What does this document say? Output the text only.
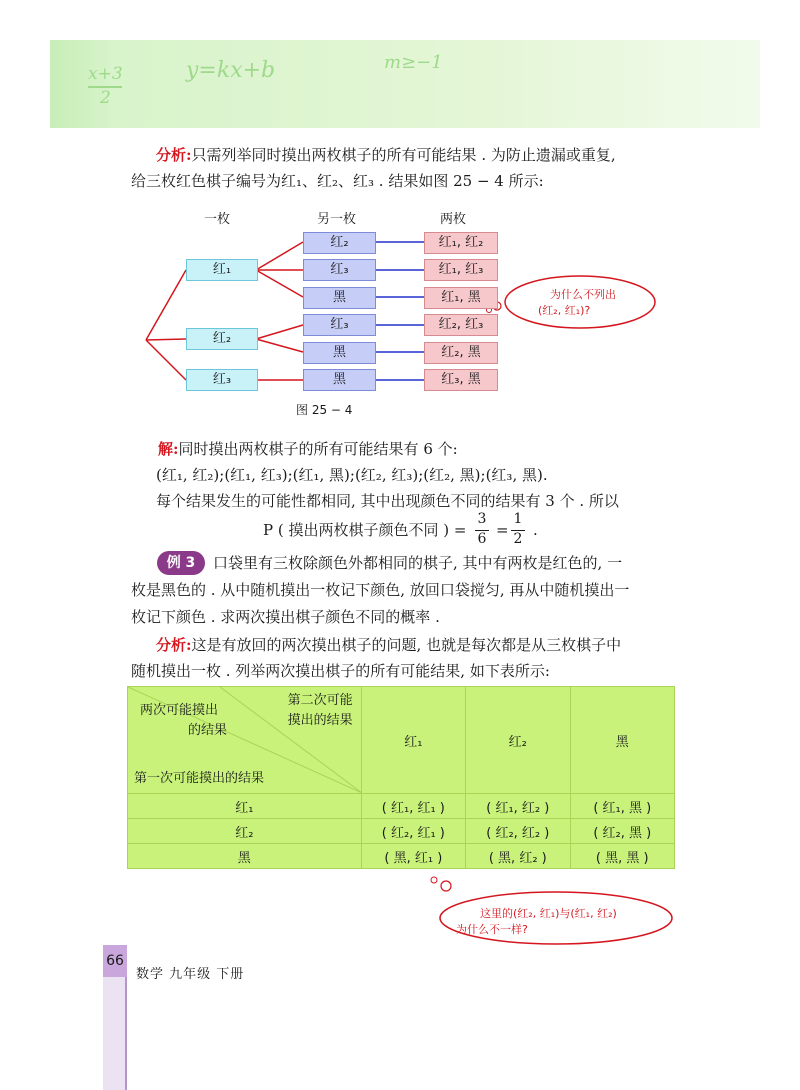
x+3
2
y=kx+b	m≥−1
分析:只需列举同时摸出两枚棋子的所有可能结果 . 为防止遗漏或重复,
给三枚红色棋子编号为红₁、红₂、红₃ . 结果如图 25 − 4 所示:
一枚	另一枚	两枚
红₁
红₂
红₃
红₂
红₃
黑
红₃
黑
黑
红₁, 红₂
红₁, 红₃
红₁, 黑
红₂, 红₃
红₂, 黑
红₃, 黑
图 25 − 4
为什么不列出
(红₂, 红₁)?
解:同时摸出两枚棋子的所有可能结果有 6 个:
(红₁, 红₂);(红₁, 红₃);(红₁, 黑);(红₂, 红₃);(红₂, 黑);(红₃, 黑).
每个结果发生的可能性都相同, 其中出现颜色不同的结果有 3 个 . 所以
P ( 摸出两枚棋子颜色不同 ) =
3
6 =
1
2 .
例 3	口袋里有三枚除颜色外都相同的棋子, 其中有两枚是红色的, 一
枚是黑色的 . 从中随机摸出一枚记下颜色, 放回口袋搅匀, 再从中随机摸出一
枚记下颜色 . 求两次摸出棋子颜色不同的概率 .
分析:这是有放回的两次摸出棋子的问题, 也就是每次都是从三枚棋子中
随机摸出一枚 . 列举两次摸出棋子的所有可能结果, 如下表所示:
第二次可能
摸出的结果
两次可能摸出
的结果
第一次可能摸出的结果	红₁	红₂	黑
红₁	( 红₁, 红₁ )	( 红₁, 红₂ )	( 红₁, 黑 )
红₂	( 红₂, 红₁ )	( 红₂, 红₂ )	( 红₂, 黑 )
黑	( 黑, 红₁ )	( 黑, 红₂ )	( 黑, 黑 )
这里的(红₂, 红₁)与(红₁, 红₂)
为什么不一样?
66
数学 九年级 下册
